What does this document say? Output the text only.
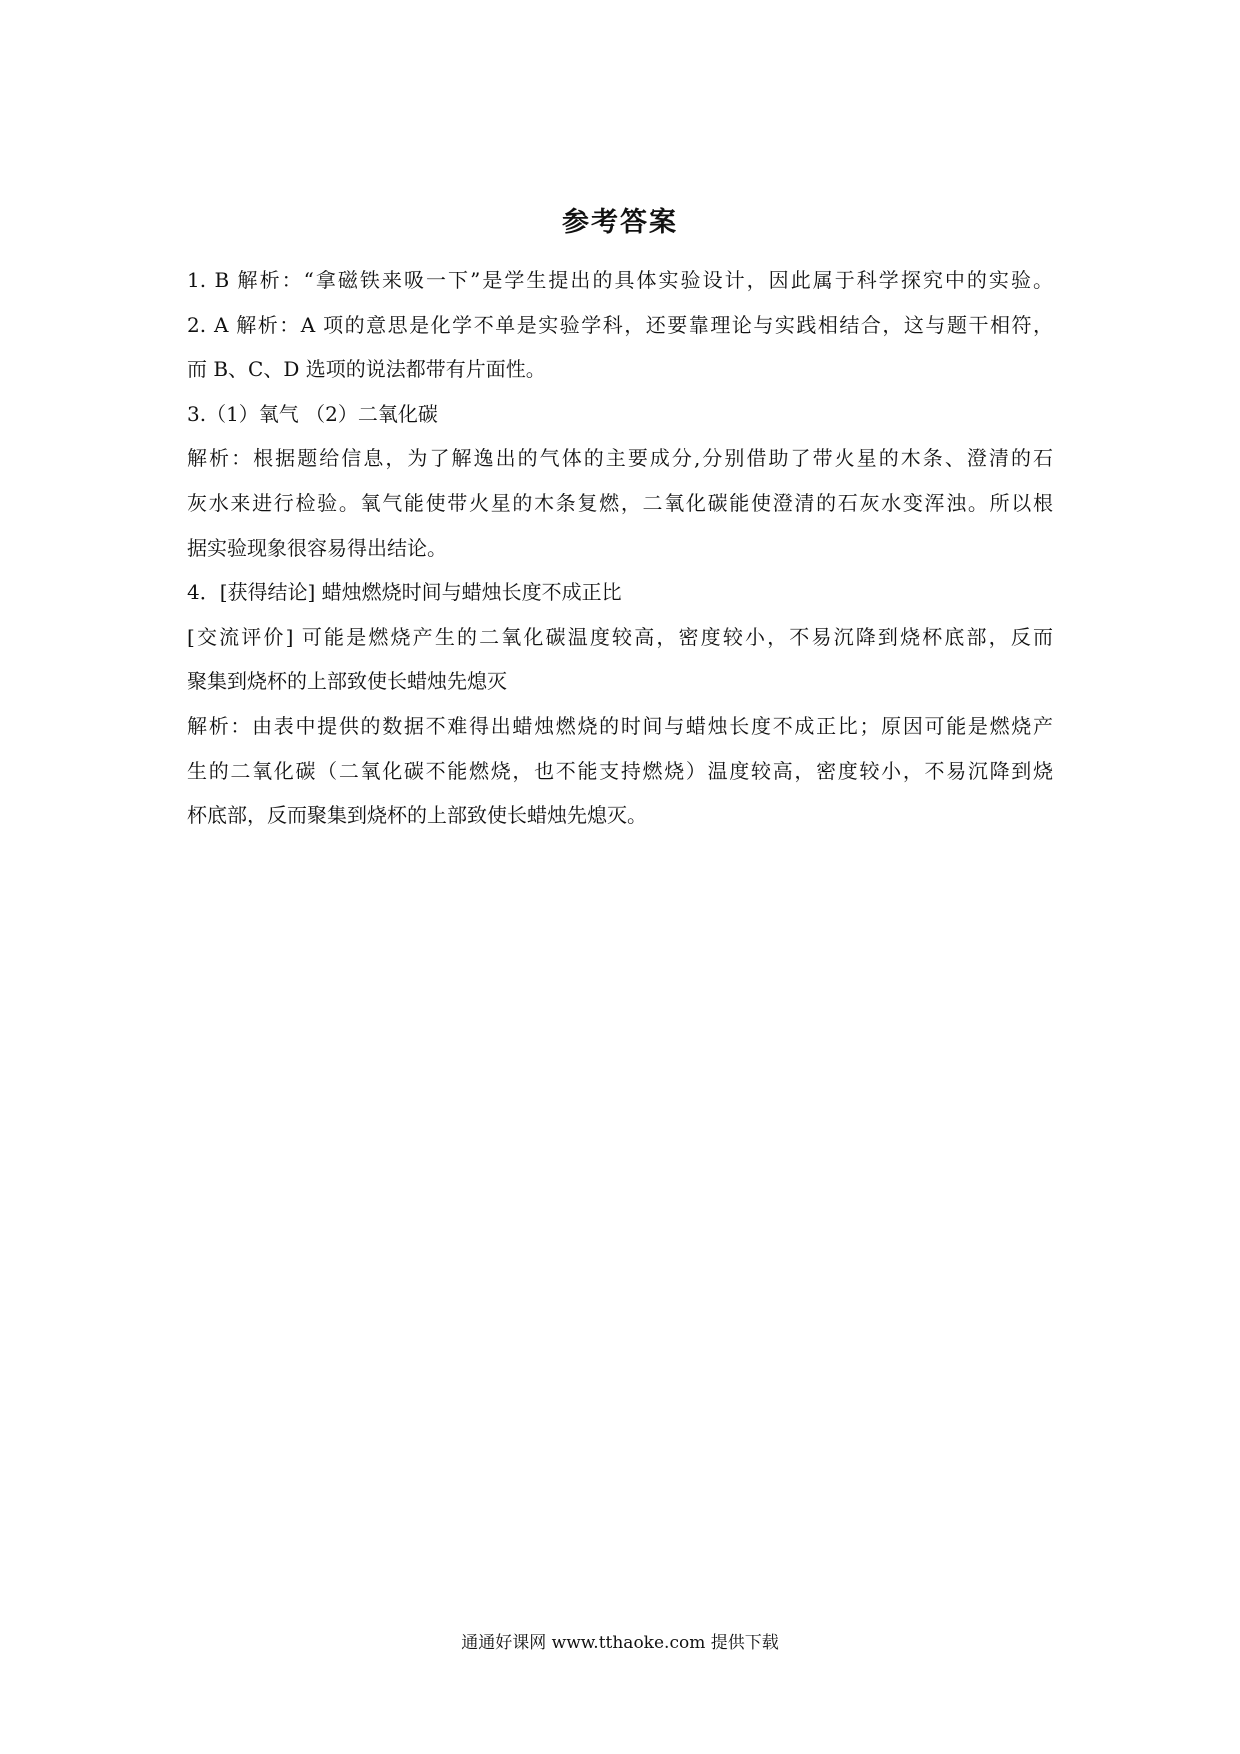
参考答案
1. B 解析：“拿磁铁来吸一下”是学生提出的具体实验设计，因此属于科学探究中的实验。
2. A 解析：A 项的意思是化学不单是实验学科，还要靠理论与实践相结合，这与题干相符，
而 B、C、D 选项的说法都带有片面性。
3.（1）氧气 （2）二氧化碳
解析：根据题给信息，为了解逸出的气体的主要成分,分别借助了带火星的木条、澄清的石
灰水来进行检验。氧气能使带火星的木条复燃，二氧化碳能使澄清的石灰水变浑浊。所以根
据实验现象很容易得出结论。
4．[获得结论] 蜡烛燃烧时间与蜡烛长度不成正比
[交流评价] 可能是燃烧产生的二氧化碳温度较高，密度较小，不易沉降到烧杯底部，反而
聚集到烧杯的上部致使长蜡烛先熄灭
解析：由表中提供的数据不难得出蜡烛燃烧的时间与蜡烛长度不成正比；原因可能是燃烧产
生的二氧化碳（二氧化碳不能燃烧，也不能支持燃烧）温度较高，密度较小，不易沉降到烧
杯底部，反而聚集到烧杯的上部致使长蜡烛先熄灭。
通通好课网 www.tthaoke.com 提供下载
